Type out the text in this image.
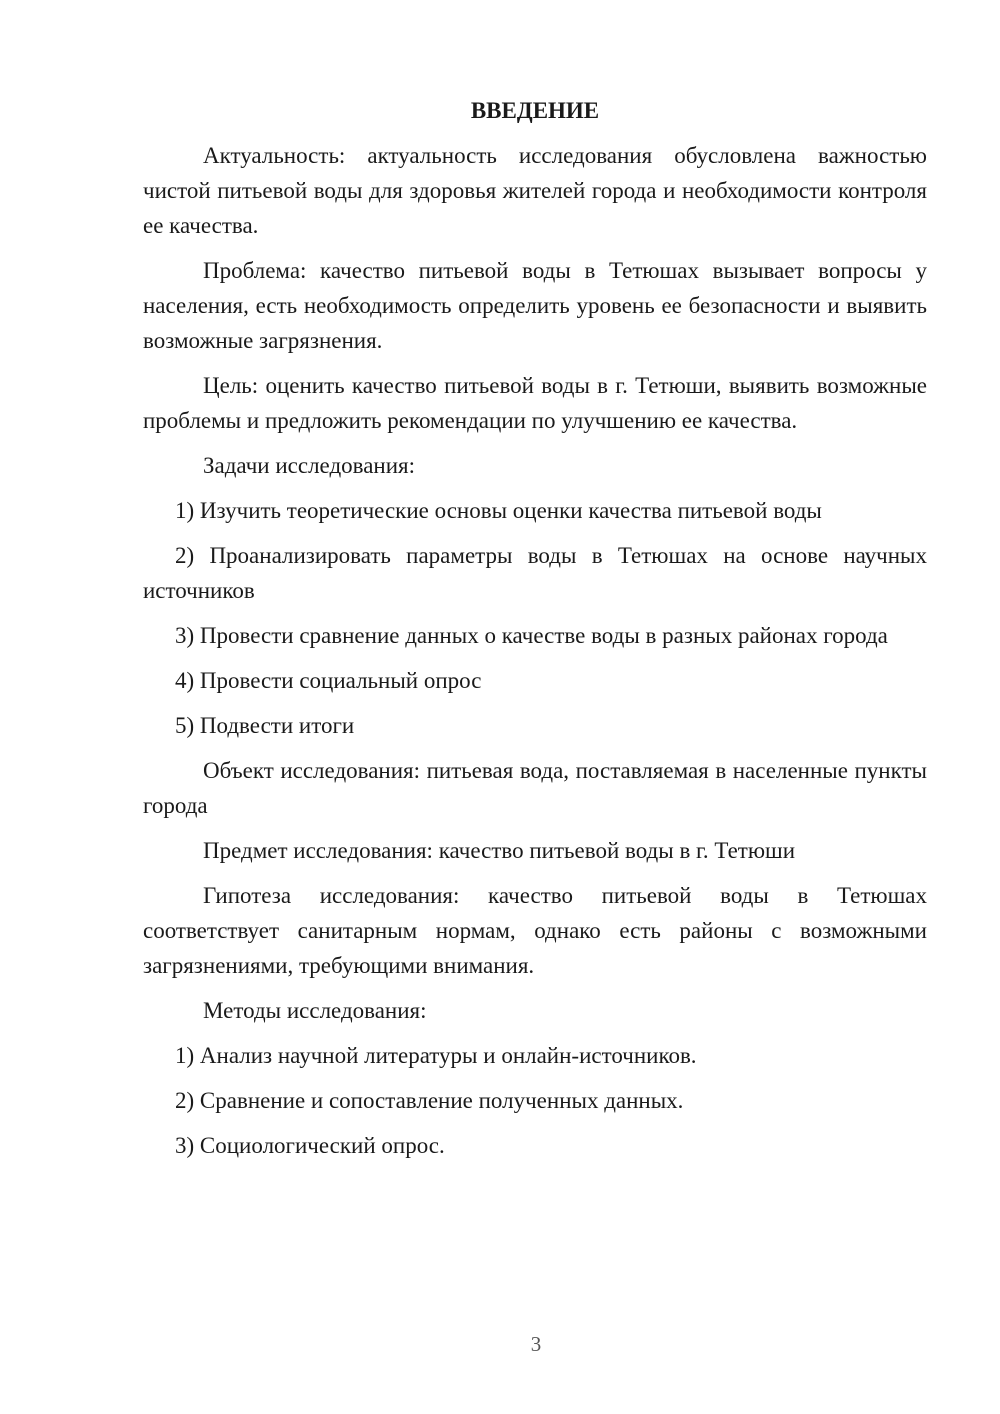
ВВЕДЕНИЕ

Актуальность: актуальность исследования обусловлена важностью чистой питьевой воды для здоровья жителей города и необходимости контроля ее качества.

Проблема: качество питьевой воды в Тетюшах вызывает вопросы у населения, есть необходимость определить уровень ее безопасности и выявить возможные загрязнения.

Цель: оценить качество питьевой воды в г. Тетюши, выявить возможные проблемы и предложить рекомендации по улучшению ее качества.

Задачи исследования:

1) Изучить теоретические основы оценки качества питьевой воды

2) Проанализировать параметры воды в Тетюшах на основе научных источников

3) Провести сравнение данных о качестве воды в разных районах города

4) Провести социальный опрос

5) Подвести итоги

Объект исследования: питьевая вода, поставляемая в населенные пункты города

Предмет исследования: качество питьевой воды в г. Тетюши

Гипотеза исследования: качество питьевой воды в Тетюшах соответствует санитарным нормам, однако есть районы с возможными загрязнениями, требующими внимания.

Методы исследования:

1) Анализ научной литературы и онлайн-источников.

2) Сравнение и сопоставление полученных данных.

3) Социологический опрос.

3
